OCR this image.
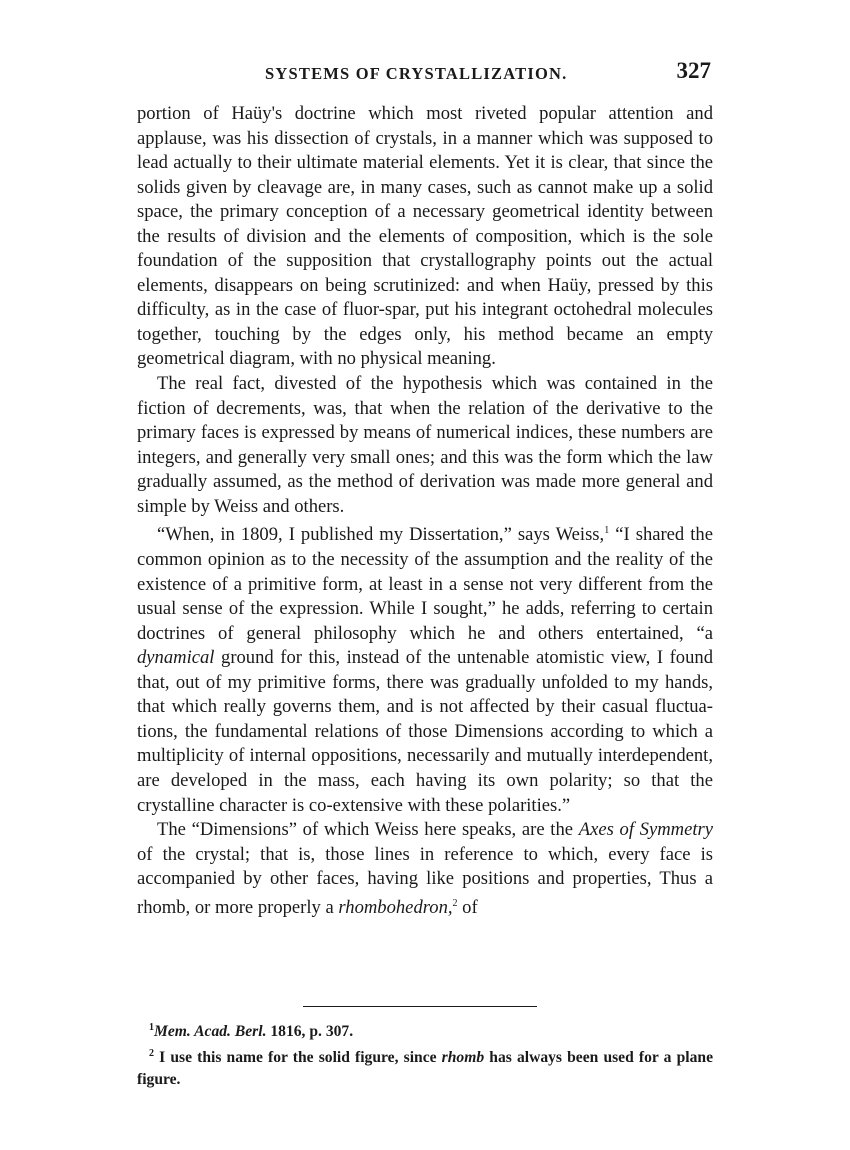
SYSTEMS OF CRYSTALLIZATION.	327

portion of Haüy's doctrine which most riveted popular attention and applause, was his dissection of crystals, in a manner which was supposed to lead actually to their ultimate material elements. Yet it is clear, that since the solids given by cleavage are, in many cases, such as cannot make up a solid space, the primary conception of a necessary geometrical identity between the results of division and the elements of composition, which is the sole foundation of the supposition that crystallography points out the actual elements, disappears on being scrutinized: and when Haüy, pressed by this difficulty, as in the case of fluor-spar, put his integrant octohedral molecules together, touching by the edges only, his method became an empty geometrical diagram, with no physical meaning.

The real fact, divested of the hypothesis which was contained in the fiction of decrements, was, that when the relation of the derivative to the primary faces is expressed by means of numerical indices, these numbers are integers, and generally very small ones; and this was the form which the law gradually assumed, as the method of derivation was made more general and simple by Weiss and others.

“When, in 1809, I published my Dissertation,” says Weiss,$^1$ “I shared the common opinion as to the necessity of the assumption and the reality of the existence of a primitive form, at least in a sense not very different from the usual sense of the expression. While I sought,” he adds, referring to certain doctrines of general philosophy which he and others entertained, “a dynamical ground for this, instead of the untenable atomistic view, I found that, out of my primitive forms, there was gradually unfolded to my hands, that which really governs them, and is not affected by their casual fluctuations, the fundamental relations of those Dimensions according to which a multiplicity of internal oppositions, necessarily and mutually interdependent, are developed in the mass, each having its own polarity; so that the crystalline character is co-extensive with these polarities.”

The “Dimensions” of which Weiss here speaks, are the Axes of Symmetry of the crystal; that is, those lines in reference to which, every face is accompanied by other faces, having like positions and properties, Thus a rhomb, or more properly a rhombohedron,$^2$ of

$^1$Mem. Acad. Berl. 1816, p. 307.

$^2$ I use this name for the solid figure, since rhomb has always been used for a plane figure.
